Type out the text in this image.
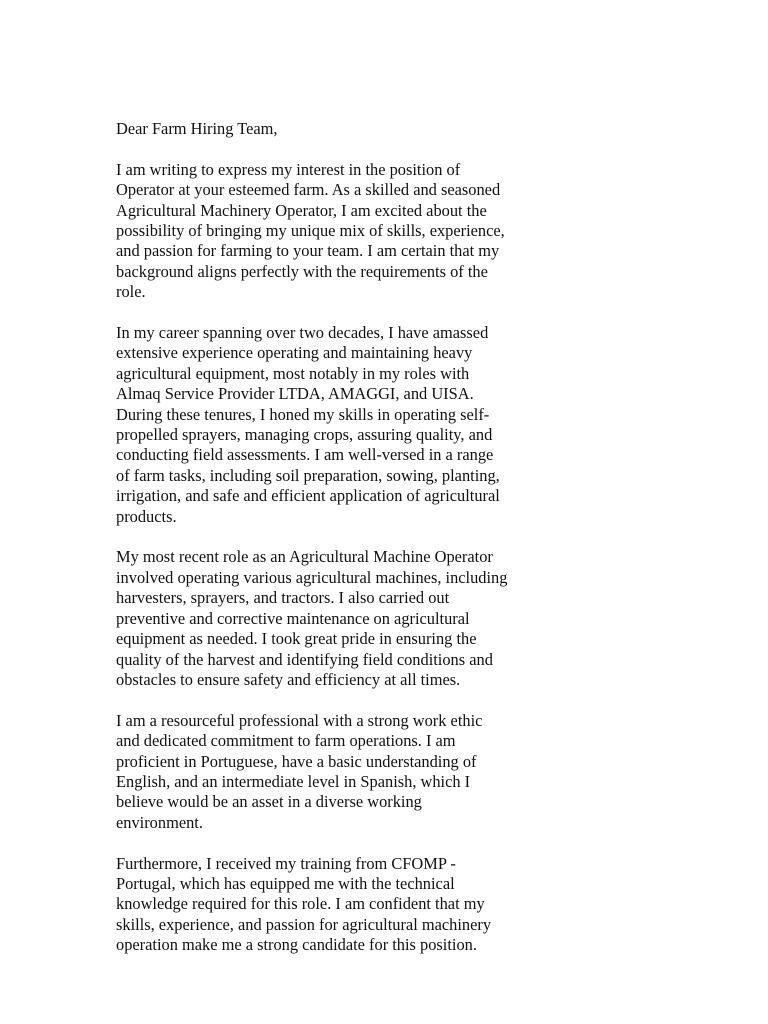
Dear Farm Hiring Team,

I am writing to express my interest in the position of
Operator at your esteemed farm. As a skilled and seasoned
Agricultural Machinery Operator, I am excited about the
possibility of bringing my unique mix of skills, experience,
and passion for farming to your team. I am certain that my
background aligns perfectly with the requirements of the
role.

In my career spanning over two decades, I have amassed
extensive experience operating and maintaining heavy
agricultural equipment, most notably in my roles with
Almaq Service Provider LTDA, AMAGGI, and UISA.
During these tenures, I honed my skills in operating self-
propelled sprayers, managing crops, assuring quality, and
conducting field assessments. I am well-versed in a range
of farm tasks, including soil preparation, sowing, planting,
irrigation, and safe and efficient application of agricultural
products.

My most recent role as an Agricultural Machine Operator
involved operating various agricultural machines, including
harvesters, sprayers, and tractors. I also carried out
preventive and corrective maintenance on agricultural
equipment as needed. I took great pride in ensuring the
quality of the harvest and identifying field conditions and
obstacles to ensure safety and efficiency at all times.

I am a resourceful professional with a strong work ethic
and dedicated commitment to farm operations. I am
proficient in Portuguese, have a basic understanding of
English, and an intermediate level in Spanish, which I
believe would be an asset in a diverse working
environment.

Furthermore, I received my training from CFOMP -
Portugal, which has equipped me with the technical
knowledge required for this role. I am confident that my
skills, experience, and passion for agricultural machinery
operation make me a strong candidate for this position.
